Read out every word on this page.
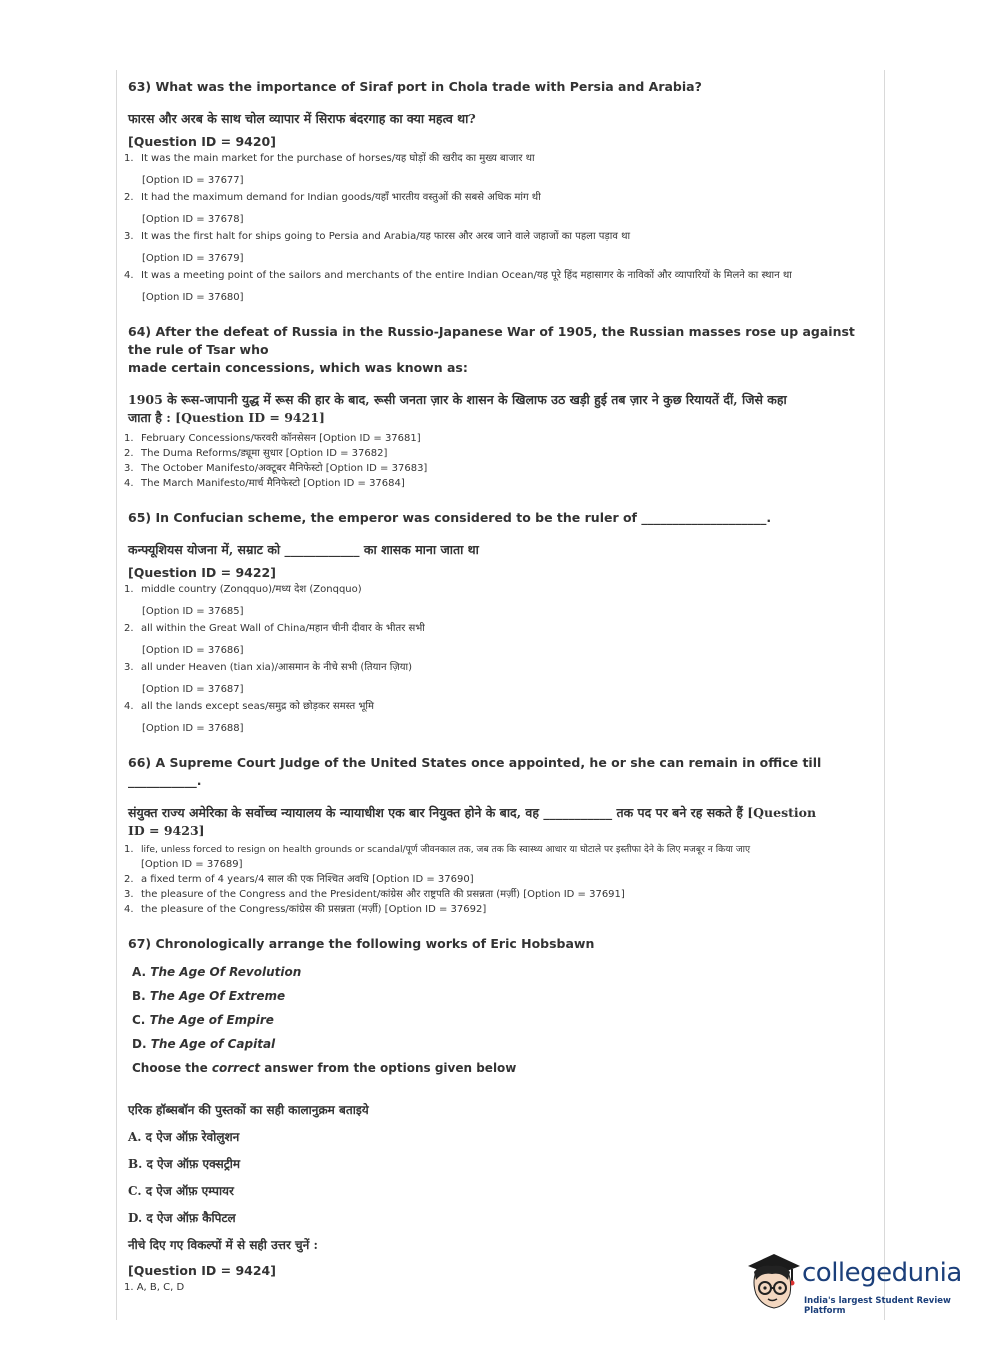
63) What was the importance of Siraf port in Chola trade with Persia and Arabia?
फारस और अरब के साथ चोल व्यापार में सिराफ बंदरगाह का क्या महत्व था?
[Question ID = 9420]
1. It was the main market for the purchase of horses/यह घोड़ों की खरीद का मुख्य बाजार था
[Option ID = 37677]
2. It had the maximum demand for Indian goods/यहाँ भारतीय वस्तुओं की सबसे अधिक मांग थी
[Option ID = 37678]
3. It was the first halt for ships going to Persia and Arabia/यह फारस और अरब जाने वाले जहाजों का पहला पड़ाव था
[Option ID = 37679]
4. It was a meeting point of the sailors and merchants of the entire Indian Ocean/यह पूरे हिंद महासागर के नाविकों और व्यापारियों के मिलने का स्थान था
[Option ID = 37680]
64) After the defeat of Russia in the Russio-Japanese War of 1905, the Russian masses rose up against the rule of Tsar who
made certain concessions, which was known as:
1905 के रूस-जापानी युद्ध में रूस की हार के बाद, रूसी जनता ज़ार के शासन के खिलाफ उठ खड़ी हुई तब ज़ार ने कुछ रियायतें दीं, जिसे कहा
जाता है : [Question ID = 9421]
1. February Concessions/फरवरी कॉनसेसन [Option ID = 37681]
2. The Duma Reforms/ड्यूमा सुधार [Option ID = 37682]
3. The October Manifesto/अक्टूबर मैनिफेस्टो [Option ID = 37683]
4. The March Manifesto/मार्च मैनिफेस्टो [Option ID = 37684]
65) In Confucian scheme, the emperor was considered to be the ruler of ____________________.
कन्फ्यूशियस योजना में, सम्राट को ____________ का शासक माना जाता था
[Question ID = 9422]
1. middle country (Zonqquo)/मध्य देश (Zonqquo)
[Option ID = 37685]
2. all within the Great Wall of China/महान चीनी दीवार के भीतर सभी
[Option ID = 37686]
3. all under Heaven (tian xia)/आसमान के नीचे सभी (तियान ज़िया)
[Option ID = 37687]
4. all the lands except seas/समुद्र को छोड़कर समस्त भूमि
[Option ID = 37688]
66) A Supreme Court Judge of the United States once appointed, he or she can remain in office till ___________.
संयुक्त राज्य अमेरिका के सर्वोच्च न्यायालय के न्यायाधीश एक बार नियुक्त होने के बाद, वह ___________ तक पद पर बने रह सकते हैं [Question
ID = 9423]
1. life, unless forced to resign on health grounds or scandal/पूर्ण जीवनकाल तक, जब तक कि स्वास्थ्य आधार या घोटाले पर इस्तीफा देने के लिए मजबूर न किया जाए
[Option ID = 37689]
2. a fixed term of 4 years/4 साल की एक निश्चित अवधि [Option ID = 37690]
3. the pleasure of the Congress and the President/कांग्रेस और राष्ट्रपति की प्रसन्नता (मर्ज़ी) [Option ID = 37691]
4. the pleasure of the Congress/कांग्रेस की प्रसन्नता (मर्ज़ी) [Option ID = 37692]
67) Chronologically arrange the following works of Eric Hobsbawn
A. The Age Of Revolution
B. The Age Of Extreme
C. The Age of Empire
D. The Age of Capital
Choose the correct answer from the options given below
एरिक हॉब्सबॉन की पुस्तकों का सही कालानुक्रम बताइये
A. द ऐज ऑफ़ रेवोलुशन
B. द ऐज ऑफ़ एक्सट्रीम
C. द ऐज ऑफ़ एम्पायर
D. द ऐज ऑफ़ कैपिटल
नीचे दिए गए विकल्पों में से सही उत्तर चुनें :
[Question ID = 9424]
1. A, B, C, D	collegedunia
India's largest Student Review Platform
